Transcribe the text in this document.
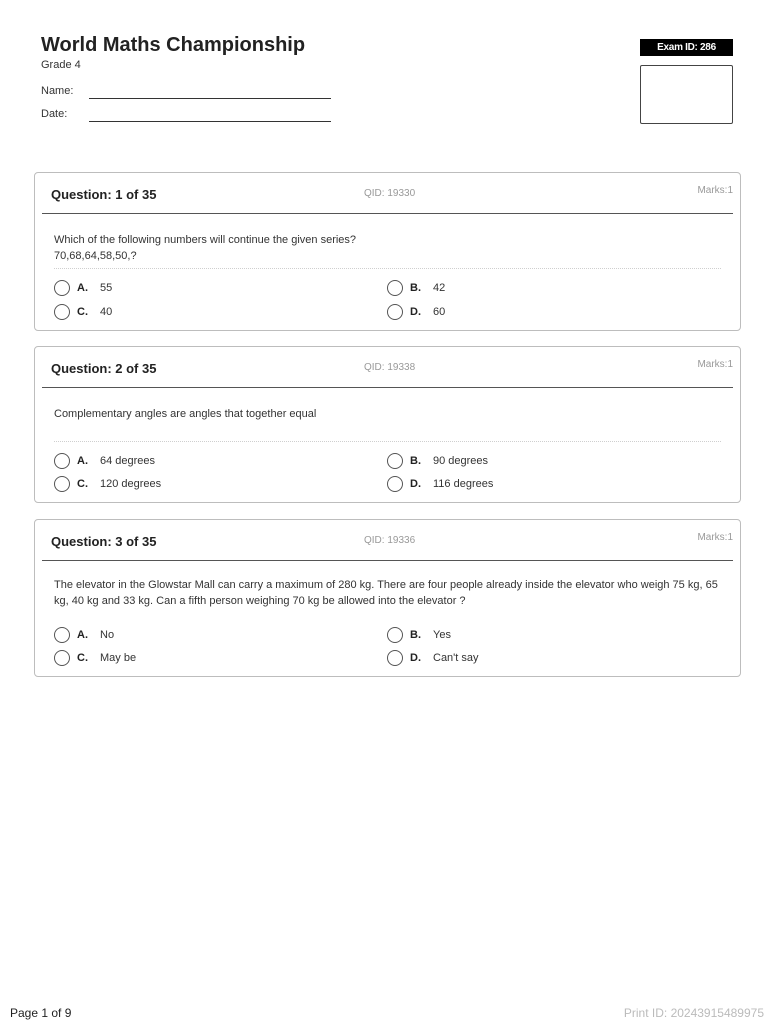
World Maths Championship
Grade 4
Name:
Date:
Exam ID: 286
Question: 1 of 35	QID: 19330	Marks:1
Which of the following numbers will continue the given series?
70,68,64,58,50,?
A. 55	B. 42
C. 40	D. 60
Question: 2 of 35	QID: 19338	Marks:1
Complementary angles are angles that together equal
A. 64 degrees	B. 90 degrees
C. 120 degrees	D. 116 degrees
Question: 3 of 35	QID: 19336	Marks:1
The elevator in the Glowstar Mall can carry a maximum of 280 kg. There are four people already inside the elevator who weigh 75 kg, 65
kg, 40 kg and 33 kg. Can a fifth person weighing 70 kg be allowed into the elevator ?
A. No	B. Yes
C. May be	D. Can't say
Page 1 of 9	Print ID: 20243915489975
